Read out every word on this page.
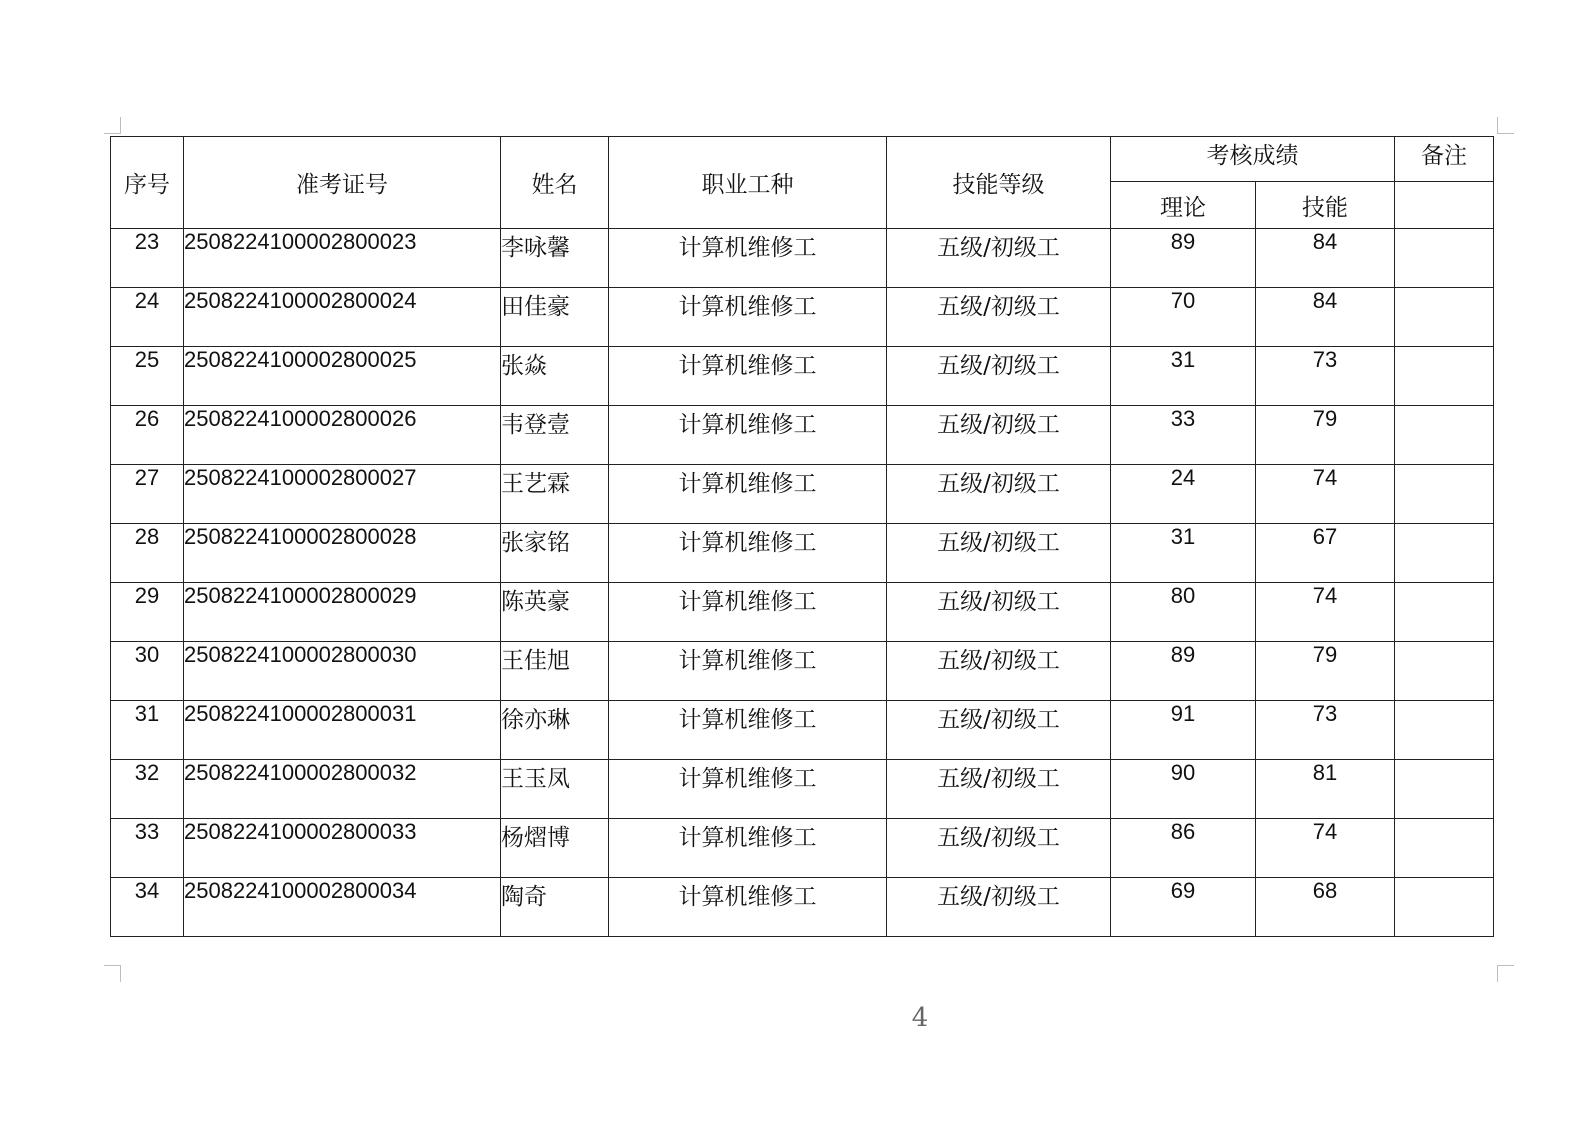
序号	准考证号	姓名	职业工种	技能等级	考核成绩		备注
					理论	技能	
23	2508224100002800023	李咏馨	计算机维修工	五级/初级工	89	84	
24	2508224100002800024	田佳豪	计算机维修工	五级/初级工	70	84	
25	2508224100002800025	张焱	计算机维修工	五级/初级工	31	73	
26	2508224100002800026	韦登壹	计算机维修工	五级/初级工	33	79	
27	2508224100002800027	王艺霖	计算机维修工	五级/初级工	24	74	
28	2508224100002800028	张家铭	计算机维修工	五级/初级工	31	67	
29	2508224100002800029	陈英豪	计算机维修工	五级/初级工	80	74	
30	2508224100002800030	王佳旭	计算机维修工	五级/初级工	89	79	
31	2508224100002800031	徐亦琳	计算机维修工	五级/初级工	91	73	
32	2508224100002800032	王玉凤	计算机维修工	五级/初级工	90	81	
33	2508224100002800033	杨熠博	计算机维修工	五级/初级工	86	74	
34	2508224100002800034	陶奇	计算机维修工	五级/初级工	69	68	
4
